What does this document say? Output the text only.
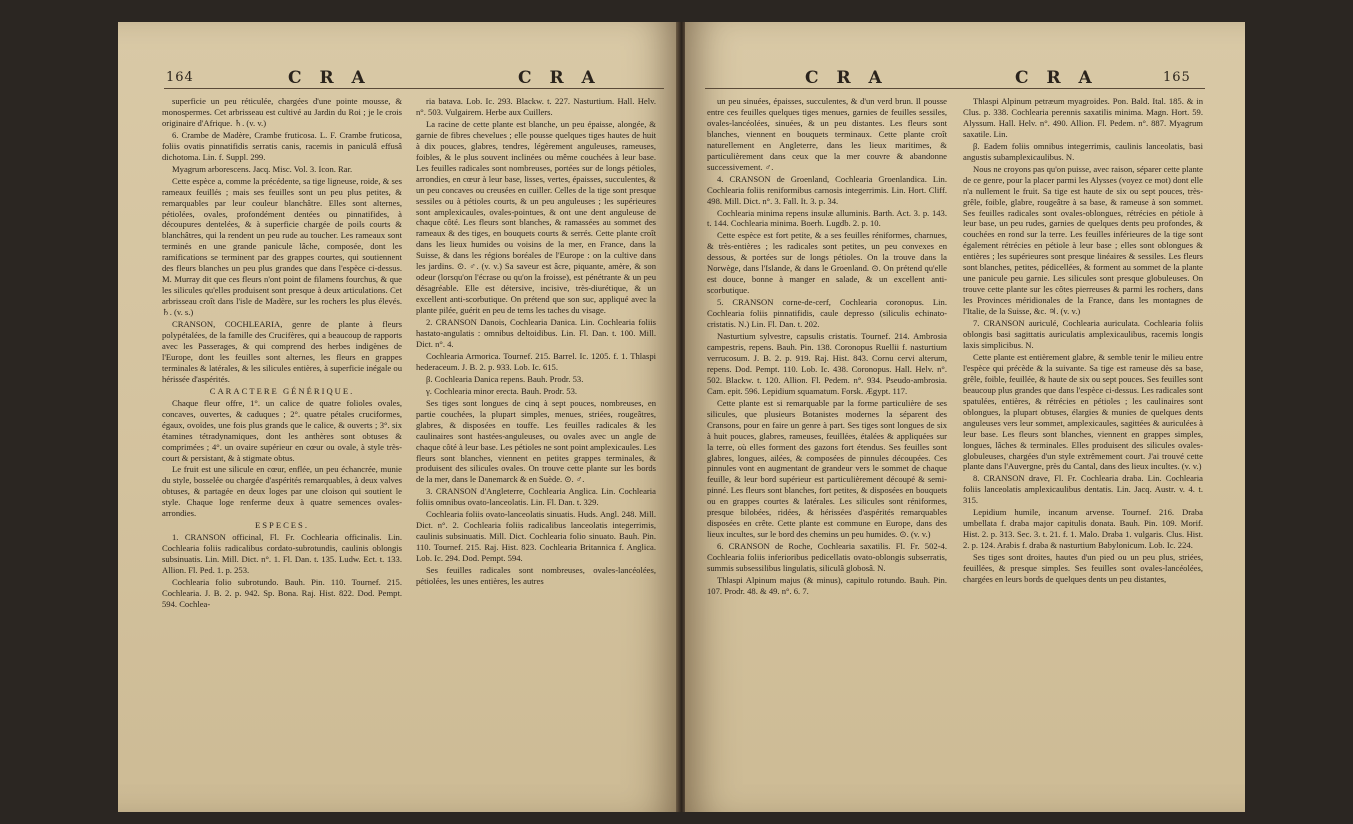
164	C R A	C R A

superficie un peu réticulée, chargées d'une pointe mousse, & monospermes. Cet arbrisseau est cultivé au Jardin du Roi ; je le crois originaire d'Afrique. ♄. (v. v.)

6. Crambe de Madère, Crambe fruticosa. L. F. Crambe fruticosa, foliis ovatis pinnatifidis serratis canis, racemis in paniculâ effusâ dichotoma. Lin. f. Suppl. 299.

Myagrum arborescens. Jacq. Misc. Vol. 3. Icon. Rar.

Cette espèce a, comme la précédente, sa tige ligneuse, roide, & ses rameaux feuillés ; mais ses feuilles sont un peu plus petites, & remarquables par leur couleur blanchâtre. Elles sont alternes, pétiolées, ovales, profondément dentées ou pinnatifides, à découpures dentelées, & à superficie chargée de poils courts & blanchâtres, qui la rendent un peu rude au toucher. Les rameaux sont terminés en une grande panicule lâche, composée, dont les ramifications se terminent par des grappes courtes, qui soutiennent des fleurs blanches un peu plus grandes que dans l'espèce ci-dessus. M. Murray dit que ces fleurs n'ont point de filamens fourchus, & que les silicules qu'elles produisent sont presque à deux articulations. Cet arbrisseau croît dans l'isle de Madère, sur les rochers les plus élevés. ♄. (v. s.)

CRANSON, COCHLEARIA, genre de plante à fleurs polypétalées, de la famille des Crucifères, qui a beaucoup de rapports avec les Passerages, & qui comprend des herbes indigènes de l'Europe, dont les feuilles sont alternes, les fleurs en grappes terminales & latérales, & les silicules entières, à superficie inégale ou hérissée d'aspérités.

CARACTERE GÉNÉRIQUE.

Chaque fleur offre, 1°. un calice de quatre folioles ovales, concaves, ouvertes, & caduques ; 2°. quatre pétales cruciformes, égaux, ovoïdes, une fois plus grands que le calice, & ouverts ; 3°. six étamines tétradynamiques, dont les anthères sont obtuses & comprimées ; 4°. un ovaire supérieur en cœur ou ovale, à style très-court & persistant, & à stigmate obtus.

Le fruit est une silicule en cœur, enflée, un peu échancrée, munie du style, bosselée ou chargée d'aspérités remarquables, à deux valves obtuses, & partagée en deux loges par une cloison qui soutient le style. Chaque loge renferme deux à quatre semences ovales-arrondies.

ESPECES.

1. CRANSON officinal, Fl. Fr. Cochlearia officinalis. Lin. Cochlearia foliis radicalibus cordato-subrotundis, caulinis oblongis subsinuatis. Lin. Mill. Dict. n°. 1. Fl. Dan. t. 135. Ludw. Ect. t. 133. Allion. Fl. Ped. 1. p. 253.

Cochlearia folio subrotundo. Bauh. Pin. 110. Tournef. 215. Cochlearia. J. B. 2. p. 942. Sp. Bona. Raj. Hist. 822. Dod. Pempt. 594. Cochlea-

ria batava. Lob. Ic. 293. Blackw. t. 227. Nasturtium. Hall. Helv. n°. 503. Vulgairem. Herbe aux Cuillers.

La racine de cette plante est blanche, un peu épaisse, alongée, & garnie de fibres chevelues ; elle pousse quelques tiges hautes de huit à dix pouces, glabres, tendres, légèrement anguleuses, rameuses, foibles, & le plus souvent inclinées ou même couchées à leur base. Les feuilles radicales sont nombreuses, portées sur de longs pétioles, arrondies, en cœur à leur base, lisses, vertes, épaisses, succulentes, & un peu concaves ou creusées en cuiller. Celles de la tige sont presque sessiles ou à pétioles courts, & un peu anguleuses ; les supérieures sont amplexicaules, ovales-pointues, & ont une dent anguleuse de chaque côté. Les fleurs sont blanches, & ramassées au sommet des rameaux & des tiges, en bouquets courts & serrés. Cette plante croît dans les lieux humides ou voisins de la mer, en France, dans la Suisse, & dans les régions boréales de l'Europe : on la cultive dans les jardins. ⊙. ♂. (v. v.) Sa saveur est âcre, piquante, amère, & son odeur (lorsqu'on l'écrase ou qu'on la froisse), est pénétrante & un peu désagréable. Elle est détersive, incisive, très-diurétique, & un excellent anti-scorbutique. On prétend que son suc, appliqué avec la plante pilée, guérit en peu de tems les taches du visage.

2. CRANSON Danois, Cochlearia Danica. Lin. Cochlearia foliis hastato-angulatis : omnibus deltoidibus. Lin. Fl. Dan. t. 100. Mill. Dict. n°. 4.

Cochlearia Armorica. Tournef. 215. Barrel. Ic. 1205. f. 1. Thlaspi hederaceum. J. B. 2. p. 933. Lob. Ic. 615.

β. Cochlearia Danica repens. Bauh. Prodr. 53.

γ. Cochlearia minor erecta. Bauh. Prodr. 53.

Ses tiges sont longues de cinq à sept pouces, nombreuses, en partie couchées, la plupart simples, menues, striées, rougeâtres, glabres, & disposées en touffe. Les feuilles radicales & les caulinaires sont hastées-anguleuses, ou ovales avec un angle de chaque côté à leur base. Les pétioles ne sont point amplexicaules. Les fleurs sont blanches, viennent en petites grappes terminales, & produisent des silicules ovales. On trouve cette plante sur les bords de la mer, dans le Danemarck & en Suède. ⊙. ♂.

3. CRANSON d'Angleterre, Cochlearia Anglica. Lin. Cochlearia foliis omnibus ovato-lanceolatis. Lin. Fl. Dan. t. 329.

Cochlearia foliis ovato-lanceolatis sinuatis. Huds. Angl. 248. Mill. Dict. n°. 2. Cochlearia foliis radicalibus lanceolatis integerrimis, caulinis subsinuatis. Mill. Dict. Cochlearia folio sinuato. Bauh. Pin. 110. Tournef. 215. Raj. Hist. 823. Cochlearia Britannica f. Anglica. Lob. Ic. 294. Dod. Pempt. 594.

Ses feuilles radicales sont nombreuses, ovales-lancéolées, pétiolées, les unes entières, les autres

C R A	C R A	165

un peu sinuées, épaisses, succulentes, & d'un verd brun. Il pousse entre ces feuilles quelques tiges menues, garnies de feuilles sessiles, ovales-lancéolées, sinuées, & un peu distantes. Les fleurs sont blanches, viennent en bouquets terminaux. Cette plante croît naturellement en Angleterre, dans les lieux maritimes, & particulièrement dans ceux que la mer couvre & abandonne successivement. ♂.

4. CRANSON de Groenland, Cochlearia Groenlandica. Lin. Cochlearia foliis reniformibus carnosis integerrimis. Lin. Hort. Cliff. 498. Mill. Dict. n°. 3. Fall. It. 3. p. 34.

Cochlearia minima repens insulæ alluminis. Barth. Act. 3. p. 143. t. 144. Cochlearia minima. Boerh. Lugdb. 2. p. 10.

Cette espèce est fort petite, & a ses feuilles réniformes, charnues, & très-entières ; les radicales sont petites, un peu convexes en dessous, & portées sur de longs pétioles. On la trouve dans la Norwège, dans l'Islande, & dans le Groenland. ⊙. On prétend qu'elle est douce, bonne à manger en salade, & un excellent anti-scorbutique.

5. CRANSON corne-de-cerf, Cochlearia coronopus. Lin. Cochlearia foliis pinnatifidis, caule depresso (siliculis echinato-cristatis. N.) Lin. Fl. Dan. t. 202.

Nasturtium sylvestre, capsulis cristatis. Tournef. 214. Ambrosia campestris, repens. Bauh. Pin. 138. Coronopus Ruellii f. nasturtium verrucosum. J. B. 2. p. 919. Raj. Hist. 843. Cornu cervi alterum, repens. Dod. Pempt. 110. Lob. Ic. 438. Coronopus. Hall. Helv. n°. 502. Blackw. t. 120. Allion. Fl. Pedem. n°. 934. Pseudo-ambrosia. Cam. epit. 596. Lepidium squamatum. Forsk. Ægypt. 117.

Cette plante est si remarquable par la forme particulière de ses silicules, que plusieurs Botanistes modernes la séparent des Cransons, pour en faire un genre à part. Ses tiges sont longues de six à huit pouces, glabres, rameuses, feuillées, étalées & appliquées sur la terre, où elles forment des gazons fort étendus. Ses feuilles sont glabres, longues, ailées, & composées de pinnules découpées. Ces pinnules vont en augmentant de grandeur vers le sommet de chaque feuille, & leur bord supérieur est particulièrement découpé & semi-pinné. Les fleurs sont blanches, fort petites, & disposées en bouquets ou en grappes courtes & latérales. Les silicules sont réniformes, presque bilobées, ridées, & hérissées d'aspérités remarquables disposées en crête. Cette plante est commune en Europe, dans des lieux incultes, sur le bord des chemins un peu humides. ⊙. (v. v.)

6. CRANSON de Roche, Cochlearia saxatilis. Fl. Fr. 502-4. Cochlearia foliis inferioribus pedicellatis ovato-oblongis subserratis, summis subsessilibus lingulatis, siliculâ globosâ. N.

Thlaspi Alpinum majus (& minus), capitulo rotundo. Bauh. Pin. 107. Prodr. 48. & 49. n°. 6. 7.

Thlaspi Alpinum petræum myagroides. Pon. Bald. Ital. 185. & in Clus. p. 338. Cochlearia perennis saxatilis minima. Magn. Hort. 59. Alyssum. Hall. Helv. n°. 490. Allion. Fl. Pedem. n°. 887. Myagrum saxatile. Lin.

β. Eadem foliis omnibus integerrimis, caulinis lanceolatis, basi angustis subamplexicaulibus. N.

Nous ne croyons pas qu'on puisse, avec raison, séparer cette plante de ce genre, pour la placer parmi les Alysses (voyez ce mot) dont elle n'a nullement le fruit. Sa tige est haute de six ou sept pouces, très-grêle, foible, glabre, rougeâtre à sa base, & rameuse à son sommet. Ses feuilles radicales sont ovales-oblongues, rétrécies en pétiole à leur base, un peu rudes, garnies de quelques dents peu profondes, & couchées en rond sur la terre. Les feuilles inférieures de la tige sont également rétrécies en pétiole à leur base ; elles sont oblongues & entières ; les supérieures sont presque linéaires & sessiles. Les fleurs sont blanches, petites, pédicellées, & forment au sommet de la plante une panicule peu garnie. Les silicules sont presque globuleuses. On trouve cette plante sur les côtes pierreuses & parmi les rochers, dans les Provinces méridionales de la France, dans les montagnes de l'Italie, de la Suisse, &c. ♃. (v. v.)

7. CRANSON auriculé, Cochlearia auriculata. Cochlearia foliis oblongis basi sagittatis auriculatis amplexicaulibus, racemis longis laxis simplicibus. N.

Cette plante est entièrement glabre, & semble tenir le milieu entre l'espèce qui précède & la suivante. Sa tige est rameuse dès sa base, grêle, foible, feuillée, & haute de six ou sept pouces. Ses feuilles sont beaucoup plus grandes que dans l'espèce ci-dessus. Les radicales sont spatulées, entières, & rétrécies en pétioles ; les caulinaires sont oblongues, la plupart obtuses, élargies & munies de quelques dents anguleuses vers leur sommet, amplexicaules, sagittées & auriculées à leur base. Les fleurs sont blanches, viennent en grappes simples, longues, lâches & terminales. Elles produisent des silicules ovales-globuleuses, chargées d'un style extrêmement court. J'ai trouvé cette plante dans l'Auvergne, près du Cantal, dans des lieux incultes. (v. v.)

8. CRANSON drave, Fl. Fr. Cochlearia draba. Lin. Cochlearia foliis lanceolatis amplexicaulibus dentatis. Lin. Jacq. Austr. v. 4. t. 315.

Lepidium humile, incanum arvense. Tournef. 216. Draba umbellata f. draba major capitulis donata. Bauh. Pin. 109. Morif. Hist. 2. p. 313. Sec. 3. t. 21. f. 1. Malo. Draba 1. vulgaris. Clus. Hist. 2. p. 124. Arabis f. draba & nasturtium Babylonicum. Lob. Ic. 224.

Ses tiges sont droites, hautes d'un pied ou un peu plus, striées, feuillées, & presque simples. Ses feuilles sont ovales-lancéolées, chargées en leurs bords de quelques dents un peu distantes,
